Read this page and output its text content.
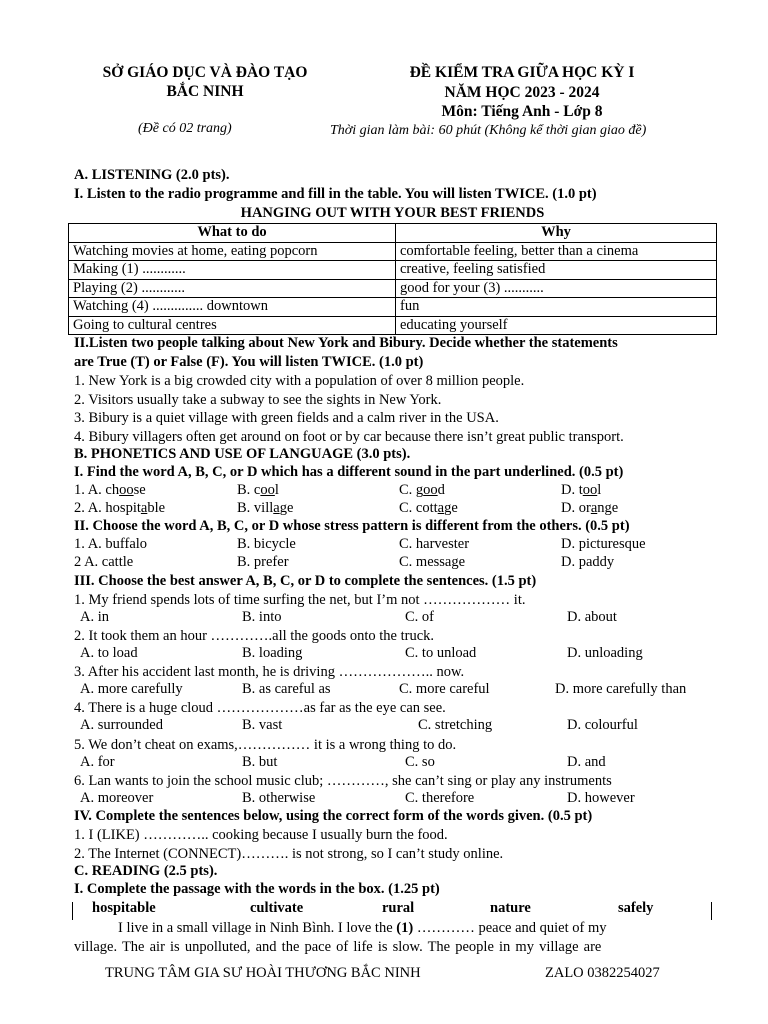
SỞ GIÁO DỤC VÀ ĐÀO TẠO
BẮC NINH
(Đề có 02 trang)
ĐỀ KIỂM TRA GIỮA HỌC KỲ I
NĂM HỌC 2023 - 2024
Môn: Tiếng Anh - Lớp 8
Thời gian làm bài: 60 phút (Không kể thời gian giao đề)
A. LISTENING (2.0 pts).
I. Listen to the radio programme and fill in the table. You will listen TWICE. (1.0 pt)
HANGING OUT WITH YOUR BEST FRIENDS
What to do	Why
Watching movies at home, eating popcorn	comfortable feeling, better than a cinema
Making (1) ............	creative, feeling satisfied
Playing (2) ............	good for your (3) ...........
Watching (4) .............. downtown	fun
Going to cultural centres	educating yourself
II.Listen two people talking about New York and Bibury. Decide whether the statements
are True (T) or False (F). You will listen TWICE. (1.0 pt)
1. New York is a big crowded city with a population of over 8 million people.
2. Visitors usually take a subway to see the sights in New York.
3. Bibury is a quiet village with green fields and a calm river in the USA.
4. Bibury villagers often get around on foot or by car because there isn’t great public transport.
B. PHONETICS AND USE OF LANGUAGE (3.0 pts).
I. Find the word A, B, C, or D which has a different sound in the part underlined. (0.5 pt)
1. A. choose	B. cool	C. good	D. tool
2. A. hospitable	B. village	C. cottage	D. orange
II. Choose the word A, B, C, or D whose stress pattern is different from the others. (0.5 pt)
1. A. buffalo	B. bicycle	C. harvester	D. picturesque
2 A. cattle	B. prefer	C. message	D. paddy
III. Choose the best answer A, B, C, or D to complete the sentences. (1.5 pt)
1. My friend spends lots of time surfing the net, but I’m not ……………… it.
A. in	B. into	C. of	D. about
2. It took them an hour ………….all the goods onto the truck.
A. to load	B. loading	C. to unload	D. unloading
3. After his accident last month, he is driving ……………….. now.
A. more carefully	B. as careful as	C. more careful	D. more carefully than
4. There is a huge cloud ………………as far as the eye can see.
A. surrounded	B. vast	C. stretching	D. colourful
5. We don’t cheat on exams,…………… it is a wrong thing to do.
A. for	B. but	C. so	D. and
6. Lan wants to join the school music club; …………, she can’t sing or play any instruments
A. moreover	B. otherwise	C. therefore	D. however
IV. Complete the sentences below, using the correct form of the words given. (0.5 pt)
1. I (LIKE) ………….. cooking because I usually burn the food.
2. The Internet (CONNECT)………. is not strong, so I can’t study online.
C. READING (2.5 pts).
I. Complete the passage with the words in the box. (1.25 pt)
hospitable	cultivate	rural	nature	safely
I live in a small village in Ninh Bình. I love the (1) ………… peace and quiet of my
village. The air is unpolluted, and the pace of life is slow. The people in my village are
TRUNG TÂM GIA SƯ HOÀI THƯƠNG BẮC NINH	ZALO 0382254027
